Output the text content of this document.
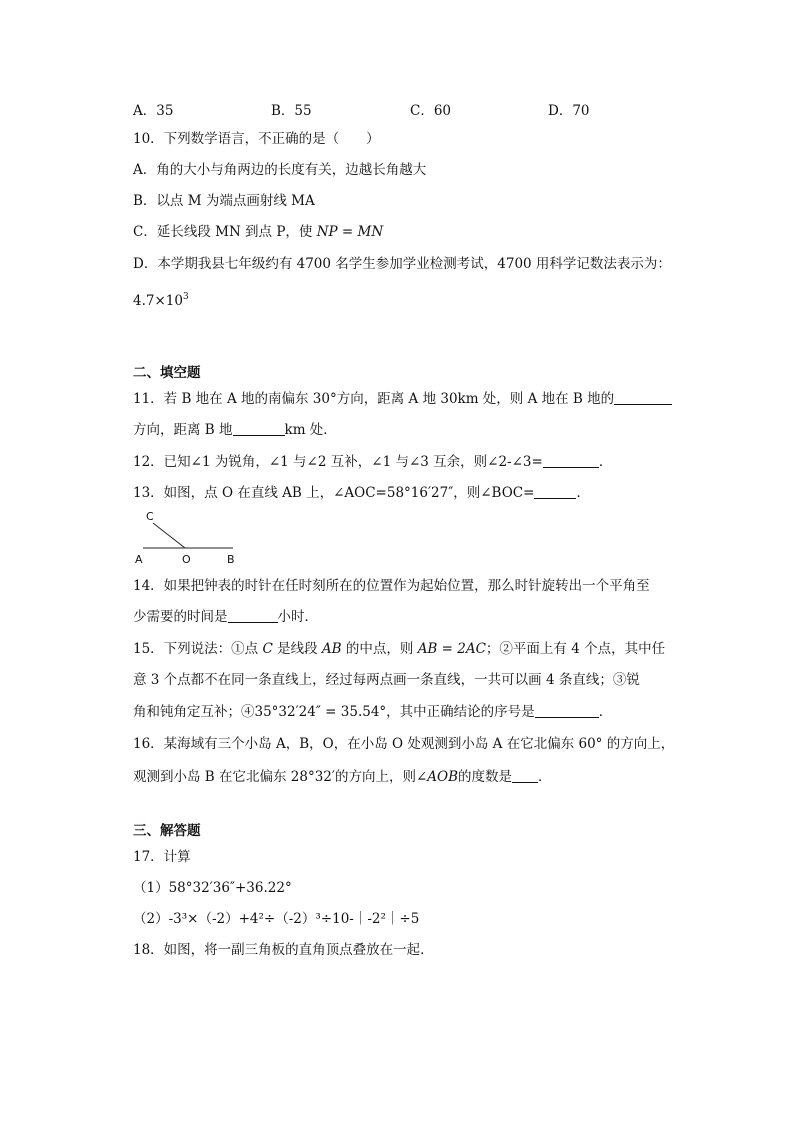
A．35	B．55	C．60	D．70
10．下列数学语言，不正确的是（　　）
A．角的大小与角两边的长度有关，边越长角越大
B．以点 M 为端点画射线 MA
C．延长线段 MN 到点 P，使 NP = MN
D．本学期我县七年级约有 4700 名学生参加学业检测考试，4700 用科学记数法表示为：
$4.7\times 10^3$
二、填空题
11．若 B 地在 A 地的南偏东 30°方向，距离 A 地 30km 处，则 A 地在 B 地的
方向，距离 B 地	km 处．
12．已知∠1 为锐角，∠1 与∠2 互补，∠1 与∠3 互余，则∠2-∠3=	．
13．如图，点 O 在直线 AB 上，∠AOC=58°16′27″，则∠BOC=	．
C
A	O	B
14．如果把钟表的时针在任时刻所在的位置作为起始位置，那么时针旋转出一个平角至
少需要的时间是	小时．
15．下列说法：①点 C 是线段 AB 的中点，则 AB = 2AC；②平面上有 4 个点，其中任
意 3 个点都不在同一条直线上，经过每两点画一条直线，一共可以画 4 条直线；③锐
角和钝角定互补；④35°32′24″ = 35.54°，其中正确结论的序号是	．
16．某海域有三个小岛 A，B，O，在小岛 O 处观测到小岛 A 在它北偏东 60° 的方向上，
观测到小岛 B 在它北偏东 28°32′的方向上，则∠AOB的度数是 ．
三、解答题
17．计算
（1）58°32′36″+36.22°
（2）-3³×（-2）+4²÷（-2）³÷10-｜-2²｜÷5
18．如图，将一副三角板的直角顶点叠放在一起．
